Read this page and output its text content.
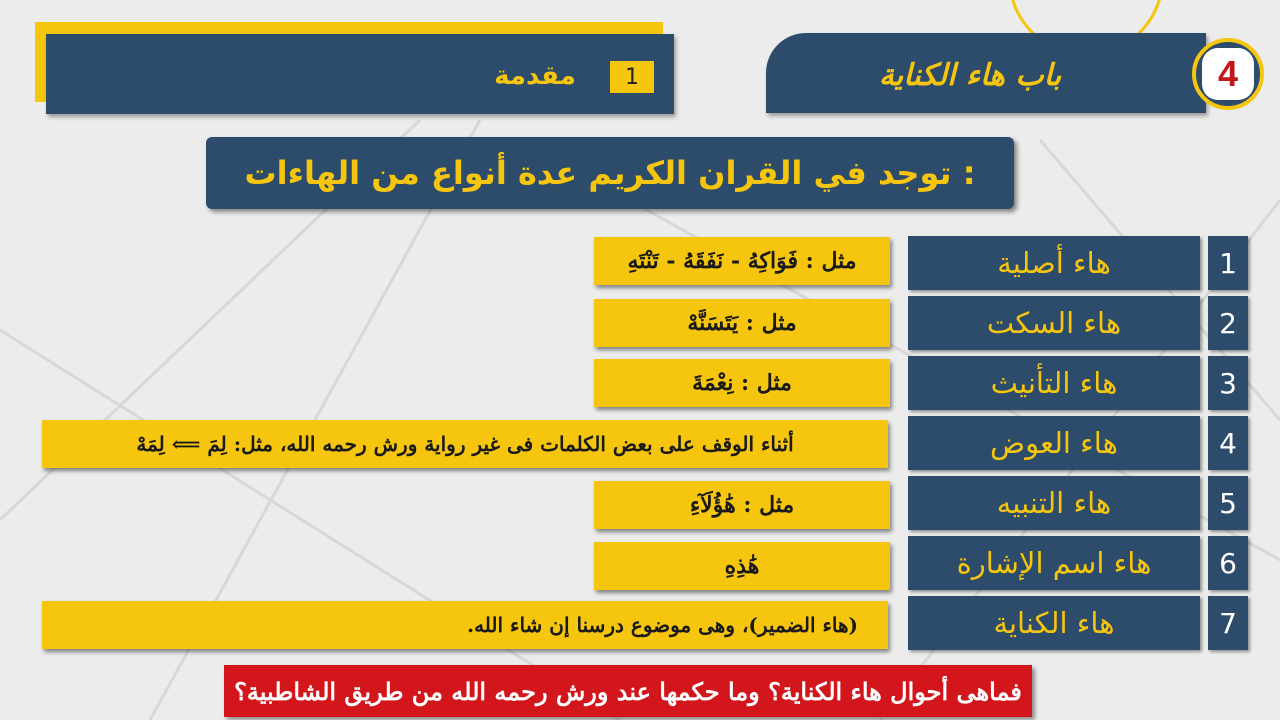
1
مقدمة	باب هاء الكناية	4
توجد في القران الكريم عدة أنواع من الهاءات :
1
هاء أصلية
مثل : فَوَاكِهُ - نَفَقَهُ - تَنْتَهِ
2
هاء السكت
مثل : يَتَسَنَّهْ
3
هاء التأنيث
مثل : نِعْمَةَ
4
هاء العوض
أثناء الوقف على بعض الكلمات فى غير رواية ورش رحمه الله، مثل: لِمَ ⟸ لِمَهْ
5
هاء التنبيه
مثل : هَٰؤُلَآءِ
6
هاء اسم الإشارة
هَٰذِهِ
7
هاء الكناية
(هاء الضمير)، وهى موضوع درسنا إن شاء الله.
فماهى أحوال هاء الكناية؟ وما حكمها عند ورش رحمه الله من طريق الشاطبية؟
